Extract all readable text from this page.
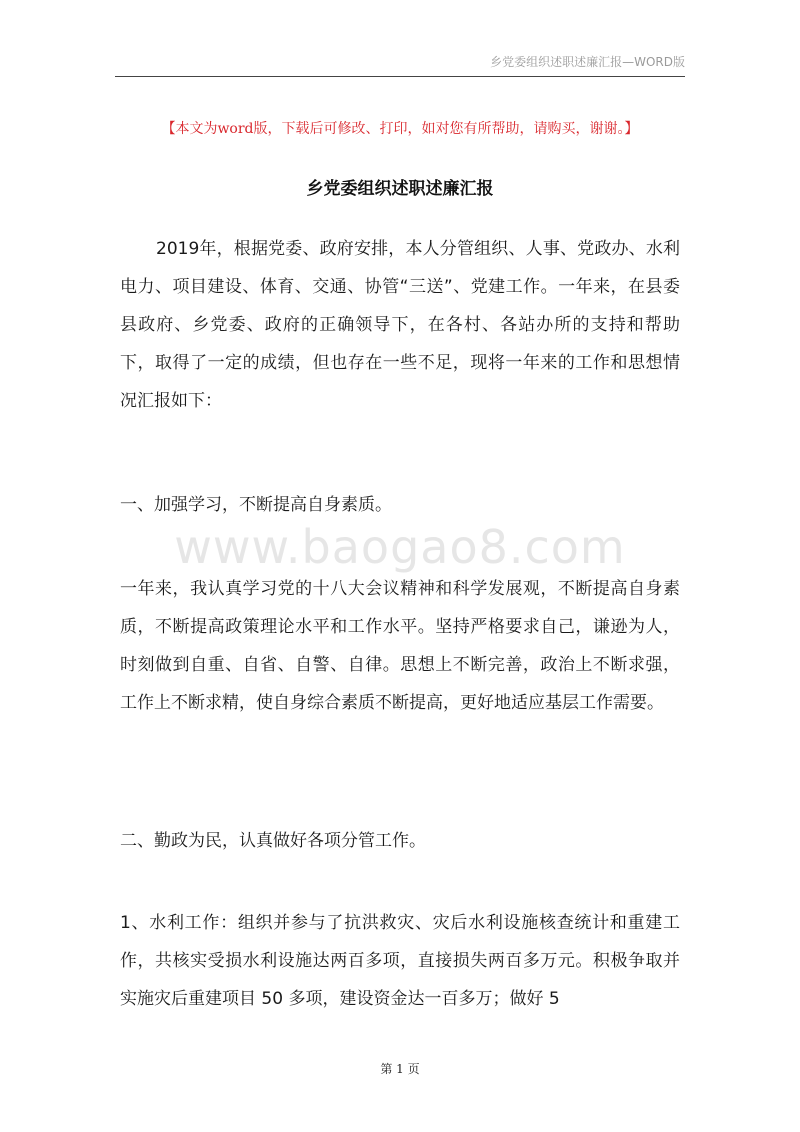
乡党委组织述职述廉汇报—WORD版
【本文为word版，下载后可修改、打印，如对您有所帮助，请购买，谢谢。】
乡党委组织述职述廉汇报
2019年，根据党委、政府安排，本人分管组织、人事、党政办、水利电力、项目建设、体育、交通、协管“三送”、党建工作。一年来，在县委县政府、乡党委、政府的正确领导下，在各村、各站办所的支持和帮助下，取得了一定的成绩，但也存在一些不足，现将一年来的工作和思想情况汇报如下：
一、加强学习，不断提高自身素质。
www.baogao8.com
一年来，我认真学习党的十八大会议精神和科学发展观，不断提高自身素质，不断提高政策理论水平和工作水平。坚持严格要求自己，谦逊为人，时刻做到自重、自省、自警、自律。思想上不断完善，政治上不断求强，工作上不断求精，使自身综合素质不断提高，更好地适应基层工作需要。
二、勤政为民，认真做好各项分管工作。
1、水利工作：组织并参与了抗洪救灾、灾后水利设施核查统计和重建工作，共核实受损水利设施达两百多项，直接损失两百多万元。积极争取并实施灾后重建项目 50 多项，建设资金达一百多万；做好 5
第 1 页
